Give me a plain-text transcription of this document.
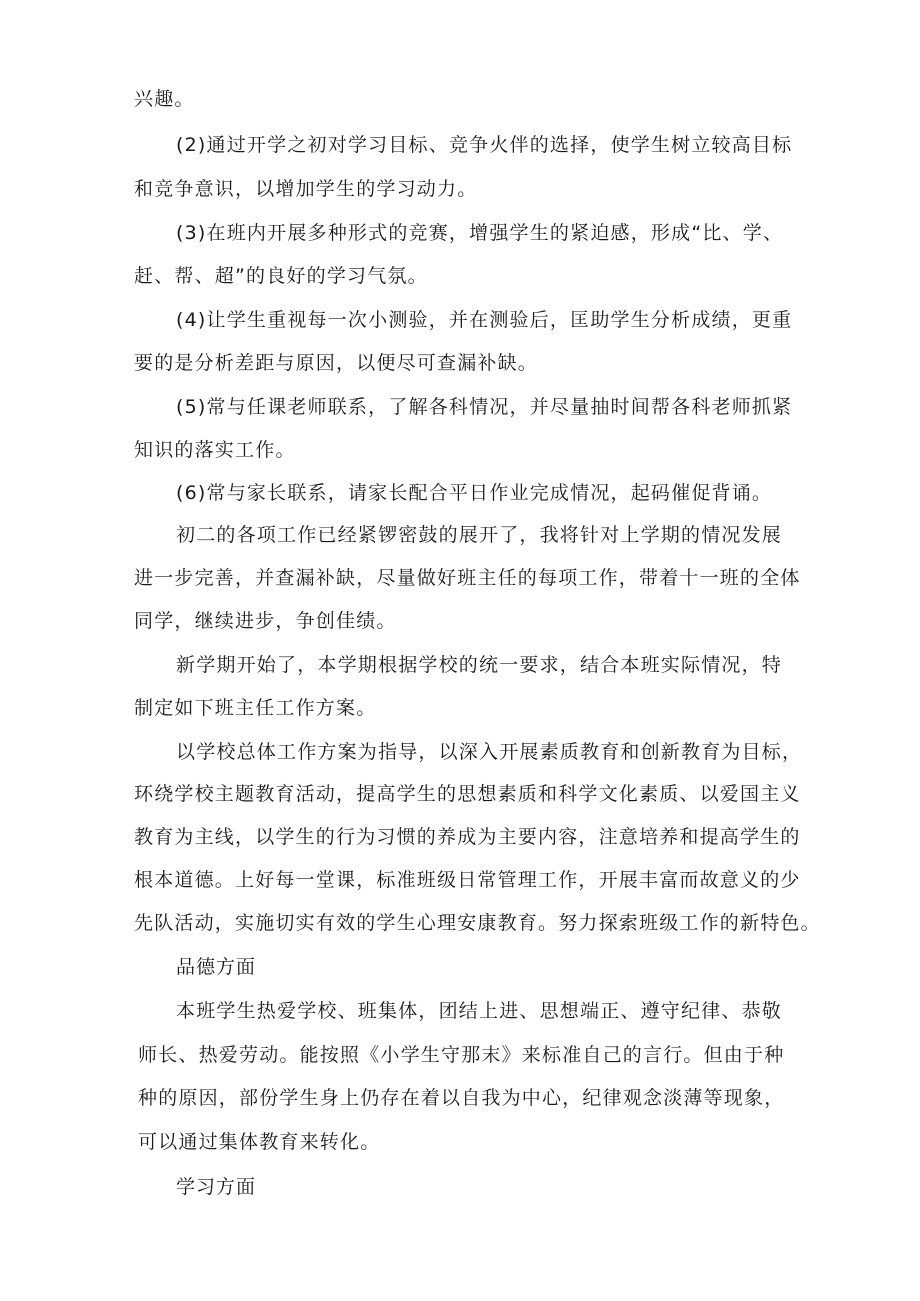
兴趣。
(2)通过开学之初对学习目标、竞争火伴的选择，使学生树立较高目标
和竞争意识，以增加学生的学习动力。
(3)在班内开展多种形式的竞赛，增强学生的紧迫感，形成“比、学、
赶、帮、超”的良好的学习气氛。
(4)让学生重视每一次小测验，并在测验后，匡助学生分析成绩，更重
要的是分析差距与原因，以便尽可查漏补缺。
(5)常与任课老师联系，了解各科情况，并尽量抽时间帮各科老师抓紧
知识的落实工作。
(6)常与家长联系，请家长配合平日作业完成情况，起码催促背诵。
初二的各项工作已经紧锣密鼓的展开了，我将针对上学期的情况发展
进一步完善，并查漏补缺，尽量做好班主任的每项工作，带着十一班的全体
同学，继续进步，争创佳绩。
新学期开始了，本学期根据学校的统一要求，结合本班实际情况，特
制定如下班主任工作方案。
以学校总体工作方案为指导，以深入开展素质教育和创新教育为目标，
环绕学校主题教育活动，提高学生的思想素质和科学文化素质、以爱国主义
教育为主线，以学生的行为习惯的养成为主要内容，注意培养和提高学生的
根本道德。上好每一堂课，标准班级日常管理工作，开展丰富而故意义的少
先队活动，实施切实有效的学生心理安康教育。努力探索班级工作的新特色。
品德方面
本班学生热爱学校、班集体，团结上进、思想端正、遵守纪律、恭敬
师长、热爱劳动。能按照《小学生守那末》来标准自己的言行。但由于种
种的原因，部份学生身上仍存在着以自我为中心，纪律观念淡薄等现象，
可以通过集体教育来转化。
学习方面
